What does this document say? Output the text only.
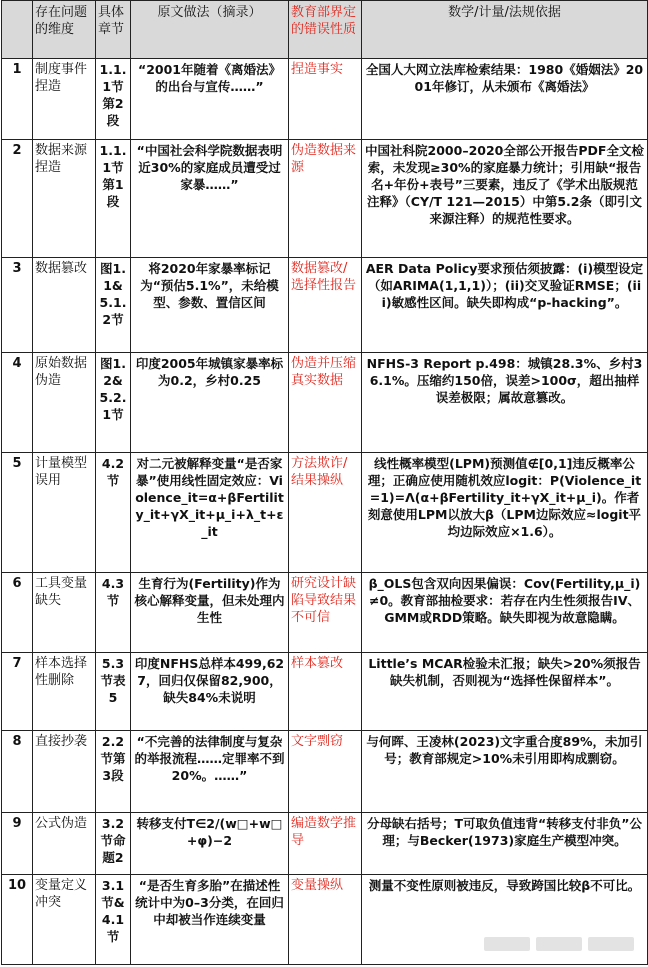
	存在问题的维度	具体章节	原文做法（摘录）	教育部界定的错误性质	数学/计量/法规依据
1	制度事件捏造	1.1.1节第2段	“2001年随着《离婚法》的出台与宣传……”	捏造事实	全国人大网立法库检索结果：1980《婚姻法》2001年修订，从未颁布《离婚法》
2	数据来源捏造	1.1.1节第1段	“中国社会科学院数据表明近30%的家庭成员遭受过家暴……”	伪造数据来源	中国社科院2000–2020全部公开报告PDF全文检索，未发现≥30%的家庭暴力统计；引用缺“报告名+年份+表号”三要素，违反了《学术出版规范 注释》（CY/T 121—2015）中第5.2条（即引文来源注释）的规范性要求。
3	数据篡改	图1.1&5.1.2节	将2020年家暴率标记为“预估5.1%”，未给模型、参数、置信区间	数据篡改/选择性报告	AER Data Policy要求预估须披露：(i)模型设定（如ARIMA(1,1,1)）；(ii)交叉验证RMSE；(iii)敏感性区间。缺失即构成“p-hacking”。
4	原始数据伪造	图1.2&5.2.1节	印度2005年城镇家暴率标为0.2，乡村0.25	伪造并压缩真实数据	NFHS-3 Report p.498：城镇28.3%、乡村36.1%。压缩约150倍，误差>100σ，超出抽样误差极限；属故意篡改。
5	计量模型误用	4.2节	对二元被解释变量“是否家暴”使用线性固定效应：Violence_it=α+βFertility_it+γX_it+μ_i+λ_t+ε_it	方法欺诈/结果操纵	线性概率模型(LPM)预测值∉[0,1]违反概率公理；正确应使用随机效应logit：P(Violence_it=1)=Λ(α+βFertility_it+γX_it+μ_i)。作者刻意使用LPM以放大β（LPM边际效应≈logit平均边际效应×1.6）。
6	工具变量缺失	4.3节	生育行为(Fertility)作为核心解释变量，但未处理内生性	研究设计缺陷导致结果不可信	β_OLS包含双向因果偏误：Cov(Fertility,μ_i)≠0。教育部抽检要求：若存在内生性须报告IV、GMM或RDD策略。缺失即视为故意隐瞒。
7	样本选择性删除	5.3节表5	印度NFHS总样本499,627，回归仅保留82,900，缺失84%未说明	样本篡改	Little’s MCAR检验未汇报；缺失>20%须报告缺失机制，否则视为“选择性保留样本”。
8	直接抄袭	2.2节第3段	“不完善的法律制度与复杂的举报流程……定罪率不到20%。……”	文字剽窃	与何晖、王凌林(2023)文字重合度89%，未加引号；教育部规定>10%未引用即构成剽窃。
9	公式伪造	3.2节命题2	转移支付T∈2/(w□+w□+φ)−2	编造数学推导	分母缺右括号；T可取负值违背“转移支付非负”公理；与Becker(1973)家庭生产模型冲突。
10	变量定义冲突	3.1节&4.1节	“是否生育多胎”在描述性统计中为0–3分类，在回归中却被当作连续变量	变量操纵	测量不变性原则被违反，导致跨国比较β不可比。
